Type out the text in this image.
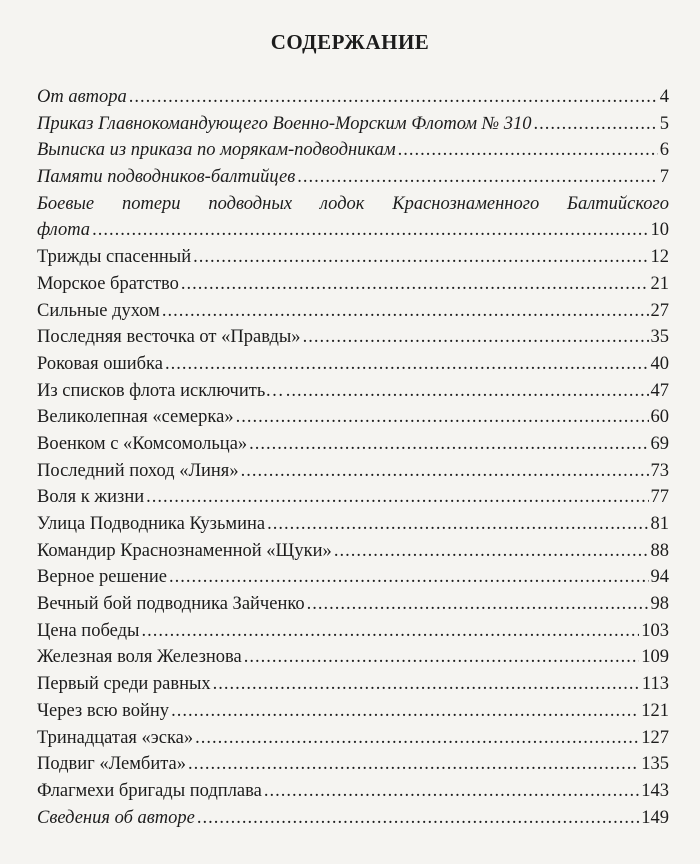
СОДЕРЖАНИЕ
От автора .....	4
Приказ Главнокомандующего Военно-Морским Флотом № 310 .....	5
Выписка из приказа по морякам-подводникам .....	6
Памяти подводников-балтийцев .....	7
Боевые потери подводных лодок Краснознаменного Балтийского
флота .....	10
Трижды спасенный .....	12
Морское братство .....	21
Сильные духом .....	27
Последняя весточка от «Правды» .....	35
Роковая ошибка .....	40
Из списков флота исключить… .....	47
Великолепная «семерка» .....	60
Военком с «Комсомольца» .....	69
Последний поход «Линя» .....	73
Воля к жизни .....	77
Улица Подводника Кузьмина .....	81
Командир Краснознаменной «Щуки» .....	88
Верное решение .....	94
Вечный бой подводника Зайченко .....	98
Цена победы .....	103
Железная воля Железнова .....	109
Первый среди равных .....	113
Через всю войну .....	121
Тринадцатая «эска» .....	127
Подвиг «Лембита» .....	135
Флагмехи бригады подплава .....	143
Сведения об авторе .....	149
